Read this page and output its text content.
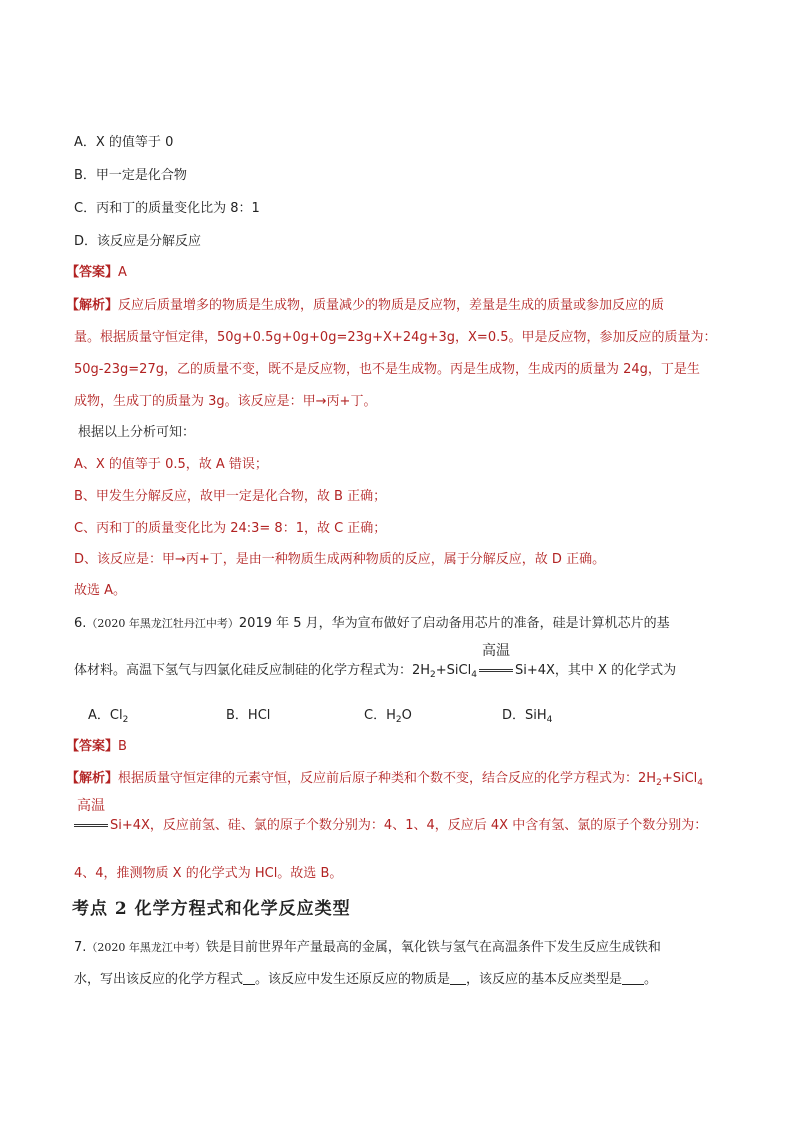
A．X 的值等于 0
B．甲一定是化合物
C．丙和丁的质量变化比为 8：1
D．该反应是分解反应
【答案】A
【解析】反应后质量增多的物质是生成物，质量减少的物质是反应物，差量是生成的质量或参加反应的质
量。根据质量守恒定律，50g+0.5g+0g+0g=23g+X+24g+3g，X=0.5。甲是反应物，参加反应的质量为：
50g-23g=27g，乙的质量不变，既不是反应物，也不是生成物。丙是生成物，生成丙的质量为 24g，丁是生
成物，生成丁的质量为 3g。该反应是：甲→丙+丁。
根据以上分析可知：
A、X 的值等于 0.5，故 A 错误；
B、甲发生分解反应，故甲一定是化合物，故 B 正确；
C、丙和丁的质量变化比为 24:3= 8：1，故 C 正确；
D、该反应是：甲→丙+丁，是由一种物质生成两种物质的反应，属于分解反应，故 D 正确。
故选 A。
6.（2020 年黑龙江牡丹江中考）2019 年 5 月，华为宣布做好了启动备用芯片的准备，硅是计算机芯片的基
体材料。高温下氢气与四氯化硅反应制硅的化学方程式为：$2H_2+SiCl_4$
高温
Si+4X，其中 X 的化学式为
A．$Cl_2$	B．HCl	C．$H_2O$	D．SiH$_4$
【答案】B
【解析】根据质量守恒定律的元素守恒，反应前后原子种类和个数不变，结合反应的化学方程式为：$2H_2+SiCl_4$
高温
Si+4X，反应前氢、硅、氯的原子个数分别为：4、1、4，反应后 4X 中含有氢、氯的原子个数分别为：
4、4，推测物质 X 的化学式为 HCl。故选 B。
考点 2 化学方程式和化学反应类型
7.（2020 年黑龙江中考）铁是目前世界年产量最高的金属，氧化铁与氢气在高温条件下发生反应生成铁和
水，写出该反应的化学方程式 。该反应中发生还原反应的物质是 ，该反应的基本反应类型是 。
